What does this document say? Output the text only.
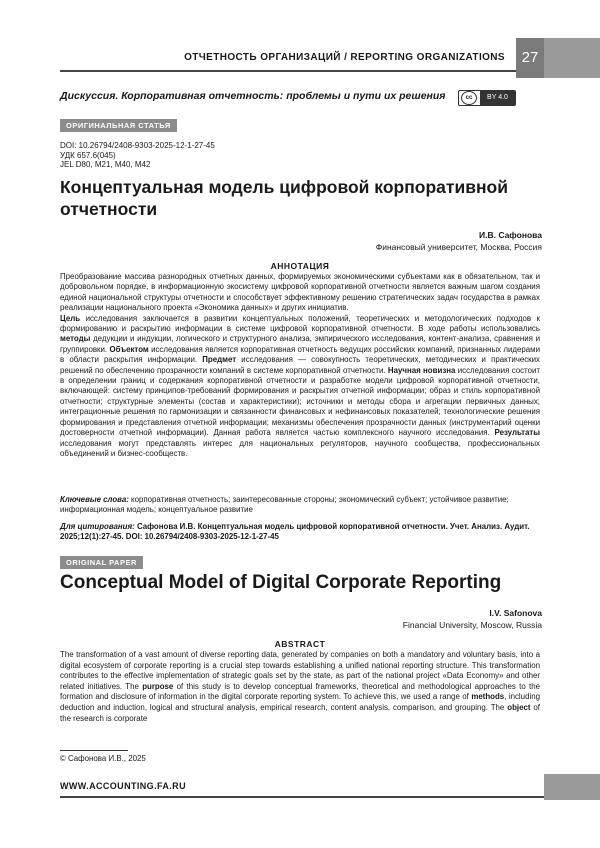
ОТЧЕТНОСТЬ ОРГАНИЗАЦИЙ / REPORTING ORGANIZATIONS	27
Дискуссия. Корпоративная отчетность: проблемы и пути их решения	cc	BY 4.0
ОРИГИНАЛЬНАЯ СТАТЬЯ
DOI: 10.26794/2408-9303-2025-12-1-27-45
УДК 657.6(045)
JEL D80, M21, M40, M42
Концептуальная модель цифровой корпоративной
отчетности
И.В. Сафонова
Финансовый университет, Москва, Россия
АННОТАЦИЯ
Преобразование массива разнородных отчетных данных, формируемых экономическими субъектами как в обязательном, так и добровольном порядке, в информационную экосистему цифровой корпоративной отчетности является важным шагом создания единой национальной структуры отчетности и способствует эффективному решению стратегических задач государства в рамках реализации национального проекта «Экономика данных» и других инициатив.
Цель исследования заключается в развитии концептуальных положений, теоретических и методологических подходов к формированию и раскрытию информации в системе цифровой корпоративной отчетности. В ходе работы использовались методы дедукции и индукции, логического и структурного анализа, эмпирического исследования, контент-анализа, сравнения и группировки. Объектом исследования является корпоративная отчетность ведущих российских компаний, признанных лидерами в области раскрытия информации. Предмет исследования — совокупность теоретических, методических и практических решений по обеспечению прозрачности компаний в системе корпоративной отчетности. Научная новизна исследования состоит в определении границ и содержания корпоративной отчетности и разработке модели цифровой корпоративной отчетности, включающей: систему принципов-требований формирования и раскрытия отчетной информации; образ и стиль корпоративной отчетности; структурные элементы (состав и характеристики); источники и методы сбора и агрегации первичных данных; интеграционные решения по гармонизации и связанности финансовых и нефинансовых показателей; технологические решения формирования и представления отчетной информации; механизмы обеспечения прозрачности данных (инструментарий оценки достоверности отчетной информации). Данная работа является частью комплексного научного исследования. Результаты исследования могут представлять интерес для национальных регуляторов, научного сообщества, профессиональных объединений и бизнес-сообществ.
Ключевые слова: корпоративная отчетность; заинтересованные стороны; экономический субъект; устойчивое развитие; информационная модель; концептуальное развитие
Для цитирования: Сафонова И.В. Концептуальная модель цифровой корпоративной отчетности. Учет. Анализ. Аудит. 2025;12(1):27-45. DOI: 10.26794/2408-9303-2025-12-1-27-45
ORIGINAL PAPER
Conceptual Model of Digital Corporate Reporting
I.V. Safonova
Financial University, Moscow, Russia
ABSTRACT
The transformation of a vast amount of diverse reporting data, generated by companies on both a mandatory and voluntary basis, into a digital ecosystem of corporate reporting is a crucial step towards establishing a unified national reporting structure. This transformation contributes to the effective implementation of strategic goals set by the state, as part of the national project «Data Economy» and other related initiatives. The purpose of this study is to develop conceptual frameworks, theoretical and methodological approaches to the formation and disclosure of information in the digital corporate reporting system. To achieve this, we used a range of methods, including deduction and induction, logical and structural analysis, empirical research, content analysis, comparison, and grouping. The object of the research is corporate
© Сафонова И.В., 2025
WWW.ACCOUNTING.FA.RU
